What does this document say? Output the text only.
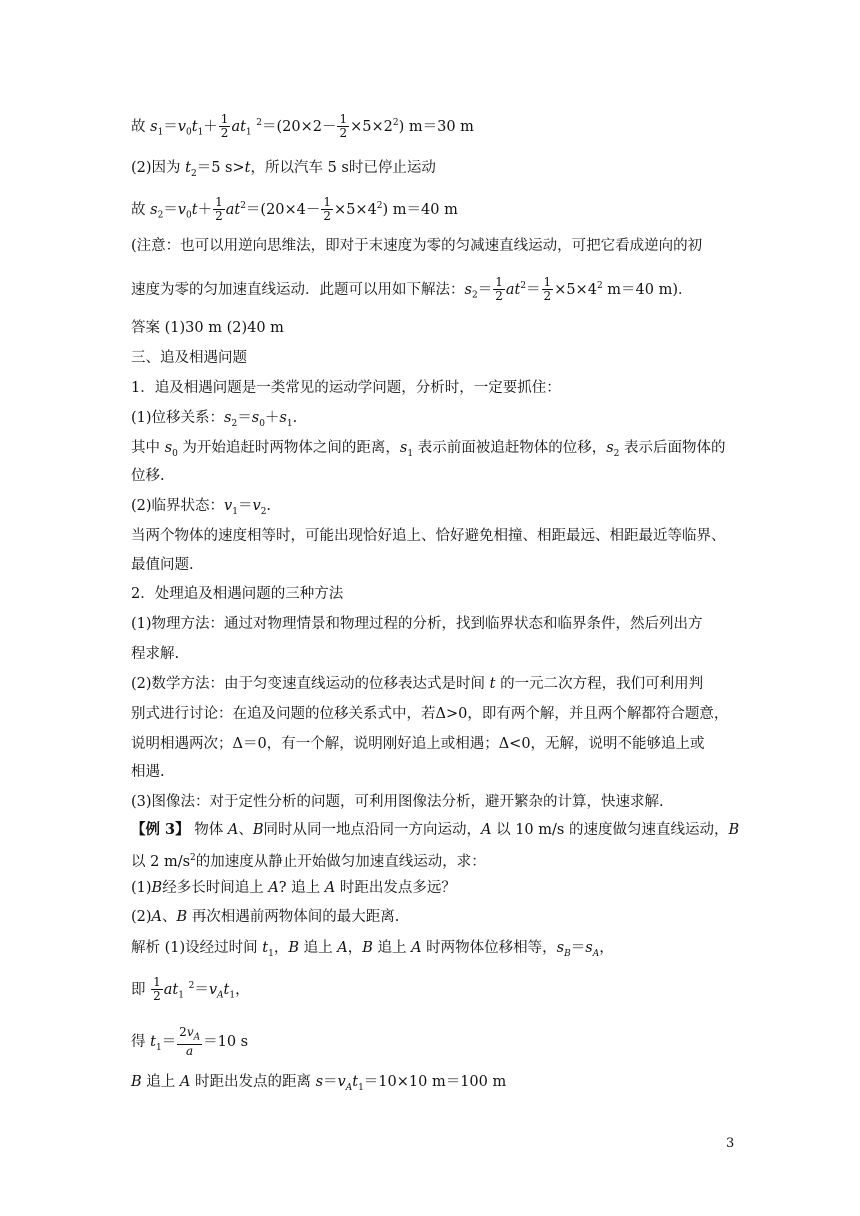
故 $s_1=v_0t_1+ \frac{1}{2} at_1$ $^2=(20\times 2- \frac{1}{2} \times 5\times 2^2)$ m＝30 m
(2)因为 $t_2=5$ s>t，所以汽车 5 s时已停止运动
故 $s_2=v_0t+ \frac{1}{2} at^2=(20\times 4- \frac{1}{2} \times 5\times 4^2)$ m＝40 m
(注意：也可以用逆向思维法，即对于末速度为零的匀减速直线运动，可把它看成逆向的初
速度为零的匀加速直线运动．此题可以用如下解法：$s_2= \frac{1}{2} at^2= \frac{1}{2} \times 5\times 4^2$ m＝40 m)．
答案 (1)30 m (2)40 m
三、追及相遇问题
1．追及相遇问题是一类常见的运动学问题，分析时，一定要抓住：
(1)位移关系：$s_2=s_0+s_1$.
其中 $s_0$ 为开始追赶时两物体之间的距离，$s_1$ 表示前面被追赶物体的位移，$s_2$ 表示后面物体的
位移.
(2)临界状态：$v_1=v_2$.
当两个物体的速度相等时，可能出现恰好追上、恰好避免相撞、相距最远、相距最近等临界、
最值问题.
2．处理追及相遇问题的三种方法
(1)物理方法：通过对物理情景和物理过程的分析，找到临界状态和临界条件，然后列出方
程求解.
(2)数学方法：由于匀变速直线运动的位移表达式是时间 t 的一元二次方程，我们可利用判
别式进行讨论：在追及问题的位移关系式中，若Δ>0，即有两个解，并且两个解都符合题意，
说明相遇两次；Δ＝0，有一个解，说明刚好追上或相遇；Δ<0，无解，说明不能够追上或
相遇.
(3)图像法：对于定性分析的问题，可利用图像法分析，避开繁杂的计算，快速求解.
【例 3】 物体 A、B同时从同一地点沿同一方向运动，A 以 10 m/s 的速度做匀速直线运动，B
以 2 $m/s^2$的加速度从静止开始做匀加速直线运动，求：
(1)B经多长时间追上 A? 追上 A 时距出发点多远？
(2)A、B 再次相遇前两物体间的最大距离.
解析 (1)设经过时间 $t_1$，B 追上 A，B 追上 A 时两物体位移相等，$s_B=s_A$，
即 $\frac{1}{2} at_1$ $^2=v_At_1$，
得 $t_1= \frac{2v_A}{a} =10$ s
B 追上 A 时距出发点的距离 $s=v_At_1=10\times 10$ m＝100 m
3
